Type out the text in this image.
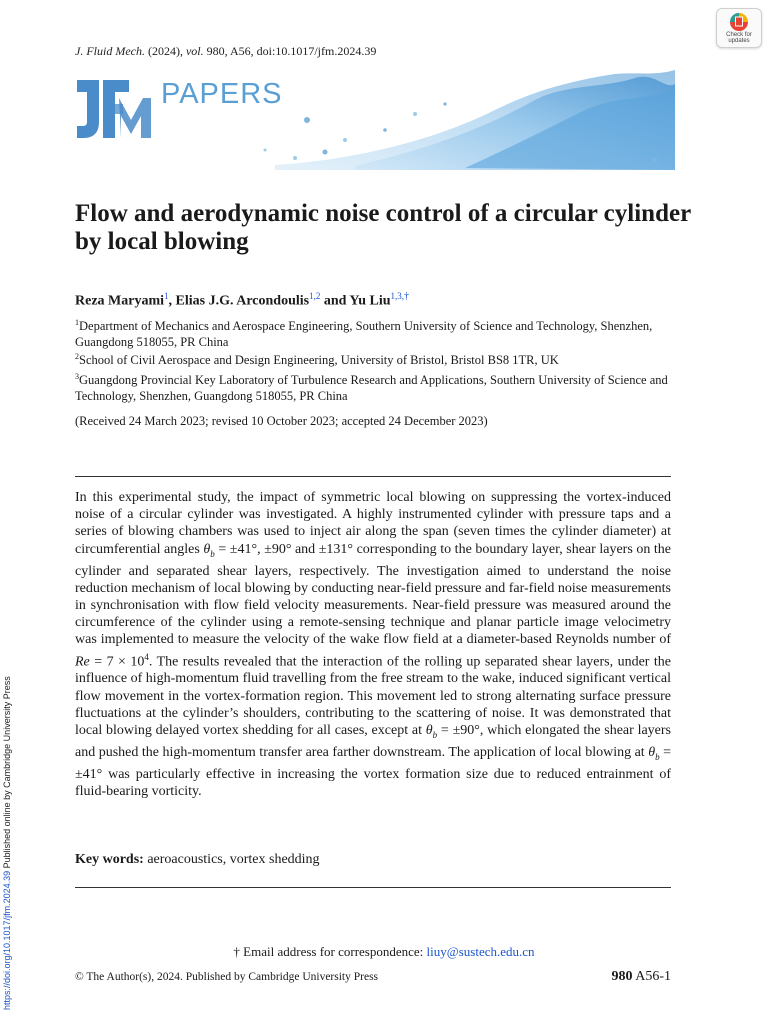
J. Fluid Mech. (2024), vol. 980, A56, doi:10.1017/jfm.2024.39
Check for
updates
PAPERS
Flow and aerodynamic noise control of a circular cylinder by local blowing
Reza Maryami$^1$, Elias J.G. Arcondoulis$^{1,2}$ and Yu Liu$^{1,3,\dagger}$
$^1$Department of Mechanics and Aerospace Engineering, Southern University of Science and Technology, Shenzhen, Guangdong 518055, PR China
$^2$School of Civil Aerospace and Design Engineering, University of Bristol, Bristol BS8 1TR, UK
$^3$Guangdong Provincial Key Laboratory of Turbulence Research and Applications, Southern University of Science and Technology, Shenzhen, Guangdong 518055, PR China
(Received 24 March 2023; revised 10 October 2023; accepted 24 December 2023)

In this experimental study, the impact of symmetric local blowing on suppressing the vortex-induced noise of a circular cylinder was investigated. A highly instrumented cylinder with pressure taps and a series of blowing chambers was used to inject air along the span (seven times the cylinder diameter) at circumferential angles $\theta_b = \pm 41^\circ$, ±90° and ±131° corresponding to the boundary layer, shear layers on the cylinder and separated shear layers, respectively. The investigation aimed to understand the noise reduction mechanism of local blowing by conducting near-field pressure and far-field noise measurements in synchronisation with flow field velocity measurements. Near-field pressure was measured around the circumference of the cylinder using a remote-sensing technique and planar particle image velocimetry was implemented to measure the velocity of the wake flow field at a diameter-based Reynolds number of $Re = 7 \times 10^4$. The results revealed that the interaction of the rolling up separated shear layers, under the influence of high-momentum fluid travelling from the free stream to the wake, induced significant vertical flow movement in the vortex-formation region. This movement led to strong alternating surface pressure fluctuations at the cylinder’s shoulders, contributing to the scattering of noise. It was demonstrated that local blowing delayed vortex shedding for all cases, except at $\theta_b = \pm 90^\circ$, which elongated the shear layers and pushed the high-momentum transfer area farther downstream. The application of local blowing at $\theta_b = \pm 41^\circ$ was particularly effective in increasing the vortex formation size due to reduced entrainment of fluid-bearing vorticity.

Key words: aeroacoustics, vortex shedding
† Email address for correspondence: liuy@sustech.edu.cn
© The Author(s), 2024. Published by Cambridge University Press	980 A56-1
https://doi.org/10.1017/jfm.2024.39 Published online by Cambridge University Press
